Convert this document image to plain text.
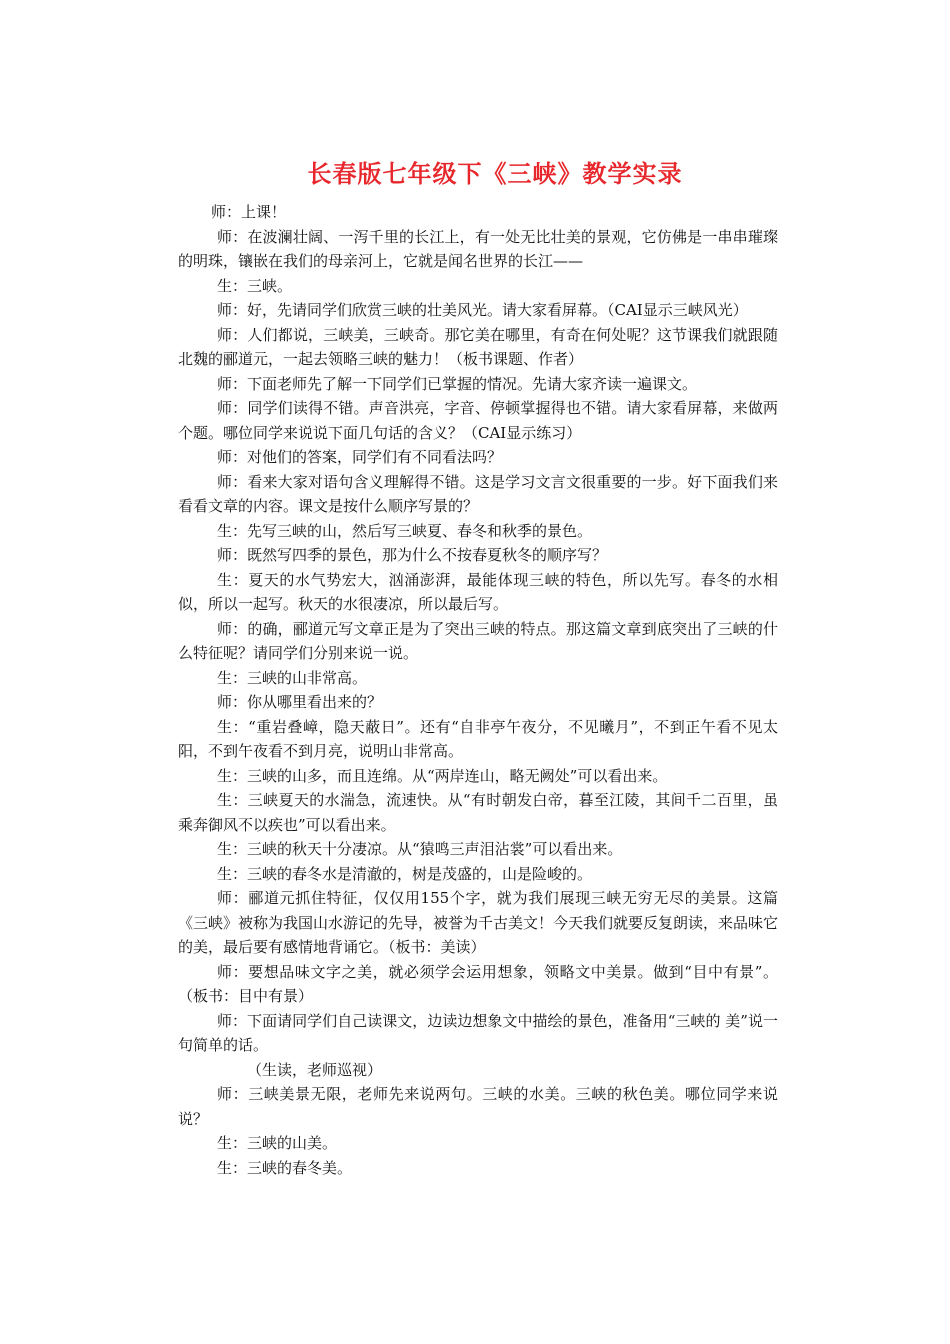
长春版七年级下《三峡》教学实录

师：上课！

师：在波澜壮阔、一泻千里的长江上，有一处无比壮美的景观，它仿佛是一串串璀璨的明珠，镶嵌在我们的母亲河上，它就是闻名世界的长江——

生：三峡。

师：好，先请同学们欣赏三峡的壮美风光。请大家看屏幕。（CAI显示三峡风光）

师：人们都说，三峡美，三峡奇。那它美在哪里，有奇在何处呢？这节课我们就跟随北魏的郦道元，一起去领略三峡的魅力！（板书课题、作者）

师：下面老师先了解一下同学们已掌握的情况。先请大家齐读一遍课文。

师：同学们读得不错。声音洪亮，字音、停顿掌握得也不错。请大家看屏幕，来做两个题。哪位同学来说说下面几句话的含义？（CAI显示练习）

师：对他们的答案，同学们有不同看法吗？

师：看来大家对语句含义理解得不错。这是学习文言文很重要的一步。好下面我们来看看文章的内容。课文是按什么顺序写景的？

生：先写三峡的山，然后写三峡夏、春冬和秋季的景色。

师：既然写四季的景色，那为什么不按春夏秋冬的顺序写？

生：夏天的水气势宏大，汹涌澎湃，最能体现三峡的特色，所以先写。春冬的水相似，所以一起写。秋天的水很凄凉，所以最后写。

师：的确，郦道元写文章正是为了突出三峡的特点。那这篇文章到底突出了三峡的什么特征呢？请同学们分别来说一说。

生：三峡的山非常高。

师：你从哪里看出来的？

生：“重岩叠嶂，隐天蔽日”。还有“自非亭午夜分，不见曦月”，不到正午看不见太阳，不到午夜看不到月亮，说明山非常高。

生：三峡的山多，而且连绵。从“两岸连山，略无阙处”可以看出来。

生：三峡夏天的水湍急，流速快。从“有时朝发白帝，暮至江陵，其间千二百里，虽乘奔御风不以疾也”可以看出来。

生：三峡的秋天十分凄凉。从“猿鸣三声泪沾裳”可以看出来。

生：三峡的春冬水是清澈的，树是茂盛的，山是险峻的。

师：郦道元抓住特征，仅仅用155个字，就为我们展现三峡无穷无尽的美景。这篇《三峡》被称为我国山水游记的先导，被誉为千古美文！今天我们就要反复朗读，来品味它的美，最后要有感情地背诵它。（板书：美读）

师：要想品味文字之美，就必须学会运用想象，领略文中美景。做到“目中有景”。（板书：目中有景）

师：下面请同学们自己读课文，边读边想象文中描绘的景色，准备用“三峡的 美”说一句简单的话。

（生读，老师巡视）

师：三峡美景无限，老师先来说两句。三峡的水美。三峡的秋色美。哪位同学来说说？

生：三峡的山美。

生：三峡的春冬美。
